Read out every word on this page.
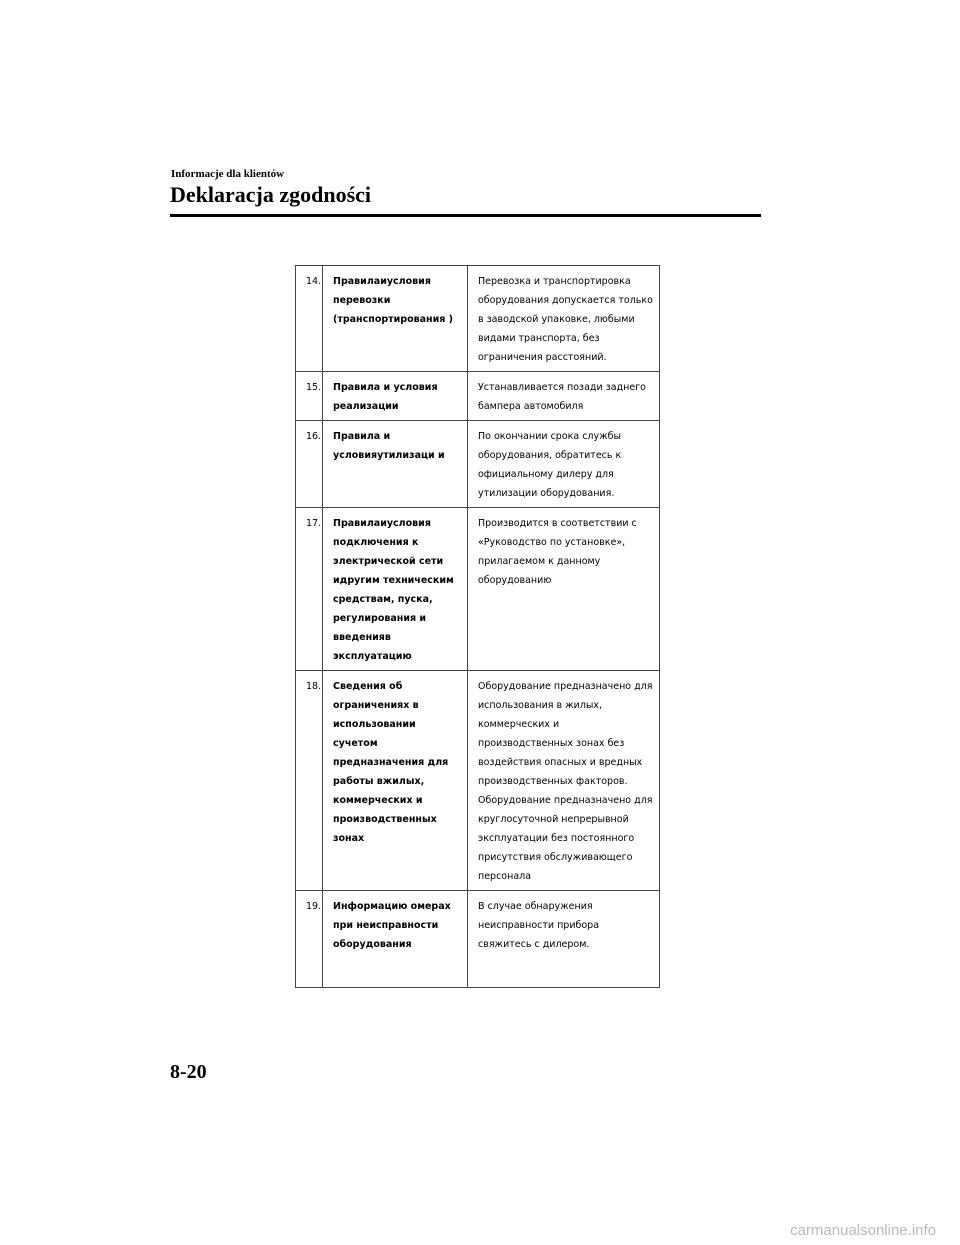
Informacje dla klientów
Deklaracja zgodności
14.	Правилаиусловия перевозки (транспортирования )	Перевозка и транспортировка оборудования допускается только в заводской упаковке, любыми видами транспорта, без ограничения расстояний.
15.	Правила и условия реализации	Устанавливается позади заднего бампера автомобиля
16.	Правила и условияутилизаци и	По окончании срока службы оборудования, обратитесь к официальному дилеру для утилизации оборудования.
17.	Правилаиусловия подключения к электрической сети идругим техническим средствам, пуска, регулирования и введенияв эксплуатацию	Производится в соответствии с «Руководство по установке», прилагаемом к данному оборудованию
18.	Сведения об ограничениях в использовании сучетом предназначения для работы вжилых, коммерческих и производственных зонах	Оборудование предназначено для использования в жилых, коммерческих и производственных зонах без воздействия опасных и вредных производственных факторов. Оборудование предназначено для круглосуточной непрерывной эксплуатации без постоянного присутствия обслуживающего персонала
19.	Информацию омерах при неисправности оборудования	В случае обнаружения неисправности прибора свяжитесь с дилером.
8-20
carmanualsonline.info
